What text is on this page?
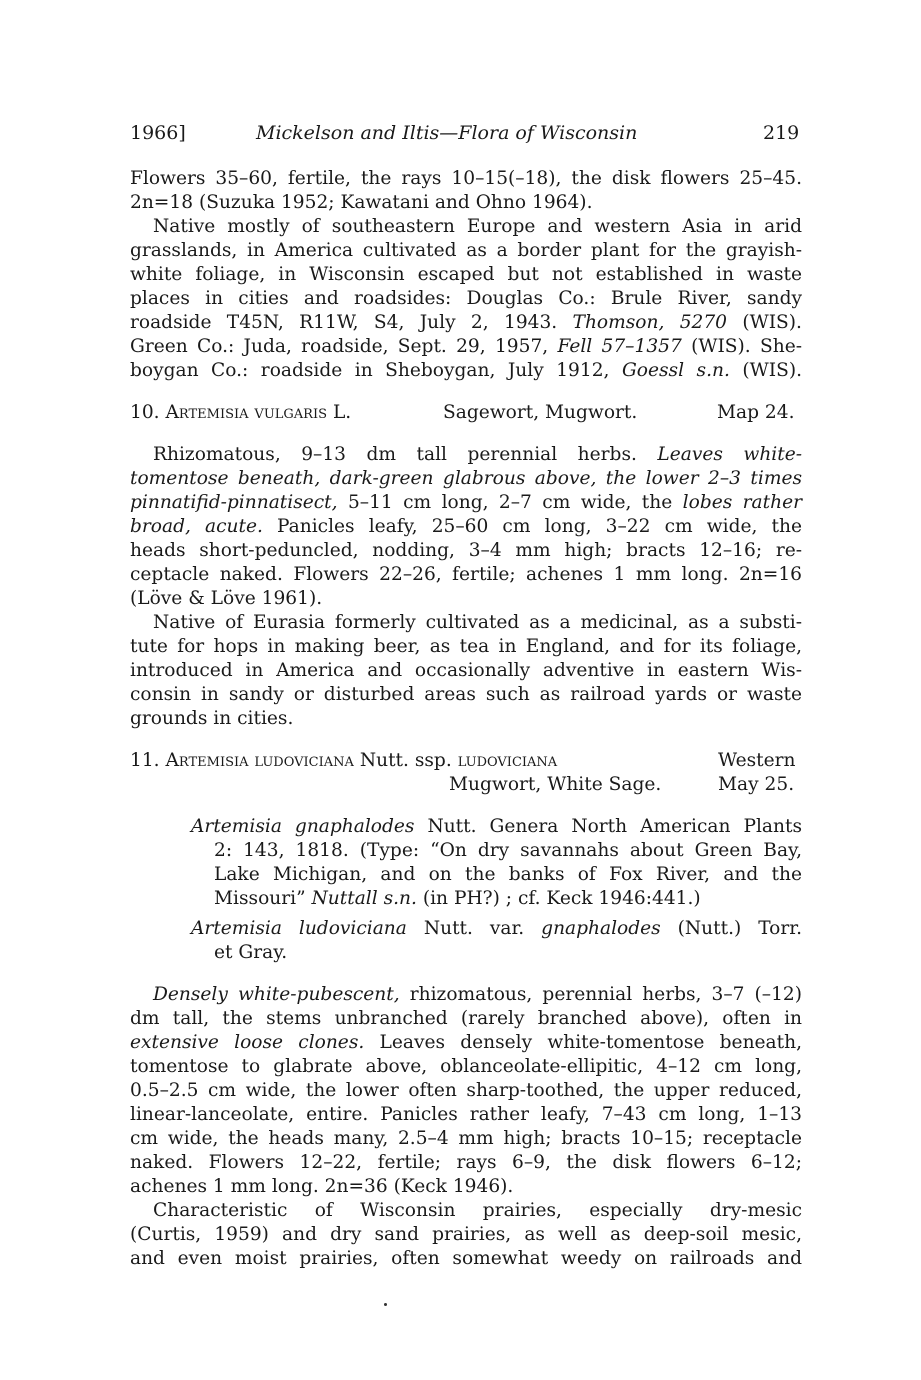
1966]	Mickelson and Iltis—Flora of Wisconsin	219
Flowers 35–60, fertile, the rays 10–15(–18), the disk flowers 25–45.
2n=18 (Suzuka 1952; Kawatani and Ohno 1964).
Native mostly of southeastern Europe and western Asia in arid
grasslands, in America cultivated as a border plant for the grayish-
white foliage, in Wisconsin escaped but not established in waste
places in cities and roadsides: Douglas Co.: Brule River, sandy
roadside T45N, R11W, S4, July 2, 1943. Thomson, 5270 (WIS).
Green Co.: Juda, roadside, Sept. 29, 1957, Fell 57–1357 (WIS). She-
boygan Co.: roadside in Sheboygan, July 1912, Goessl s.n. (WIS).
10. Artemisia vulgaris L.	Sagewort, Mugwort.	Map 24.
Rhizomatous, 9–13 dm tall perennial herbs. Leaves white-
tomentose beneath, dark-green glabrous above, the lower 2–3 times
pinnatifid-pinnatisect, 5–11 cm long, 2–7 cm wide, the lobes rather
broad, acute. Panicles leafy, 25–60 cm long, 3–22 cm wide, the
heads short-peduncled, nodding, 3–4 mm high; bracts 12–16; re-
ceptacle naked. Flowers 22–26, fertile; achenes 1 mm long. 2n=16
(Löve & Löve 1961).
Native of Eurasia formerly cultivated as a medicinal, as a substi-
tute for hops in making beer, as tea in England, and for its foliage,
introduced in America and occasionally adventive in eastern Wis-
consin in sandy or disturbed areas such as railroad yards or waste
grounds in cities.
11. Artemisia ludoviciana Nutt. ssp. ludoviciana	Western
Mugwort, White Sage.	May 25.
Artemisia gnaphalodes Nutt. Genera North American Plants
2: 143, 1818. (Type: “On dry savannahs about Green Bay,
Lake Michigan, and on the banks of Fox River, and the
Missouri” Nuttall s.n. (in PH?) ; cf. Keck 1946:441.)
Artemisia ludoviciana Nutt. var. gnaphalodes (Nutt.) Torr.
et Gray.
Densely white-pubescent, rhizomatous, perennial herbs, 3–7 (–12)
dm tall, the stems unbranched (rarely branched above), often in
extensive loose clones. Leaves densely white-tomentose beneath,
tomentose to glabrate above, oblanceolate-ellipitic, 4–12 cm long,
0.5–2.5 cm wide, the lower often sharp-toothed, the upper reduced,
linear-lanceolate, entire. Panicles rather leafy, 7–43 cm long, 1–13
cm wide, the heads many, 2.5–4 mm high; bracts 10–15; receptacle
naked. Flowers 12–22, fertile; rays 6–9, the disk flowers 6–12;
achenes 1 mm long. 2n=36 (Keck 1946).
Characteristic of Wisconsin prairies, especially dry-mesic
(Curtis, 1959) and dry sand prairies, as well as deep-soil mesic,
and even moist prairies, often somewhat weedy on railroads and
